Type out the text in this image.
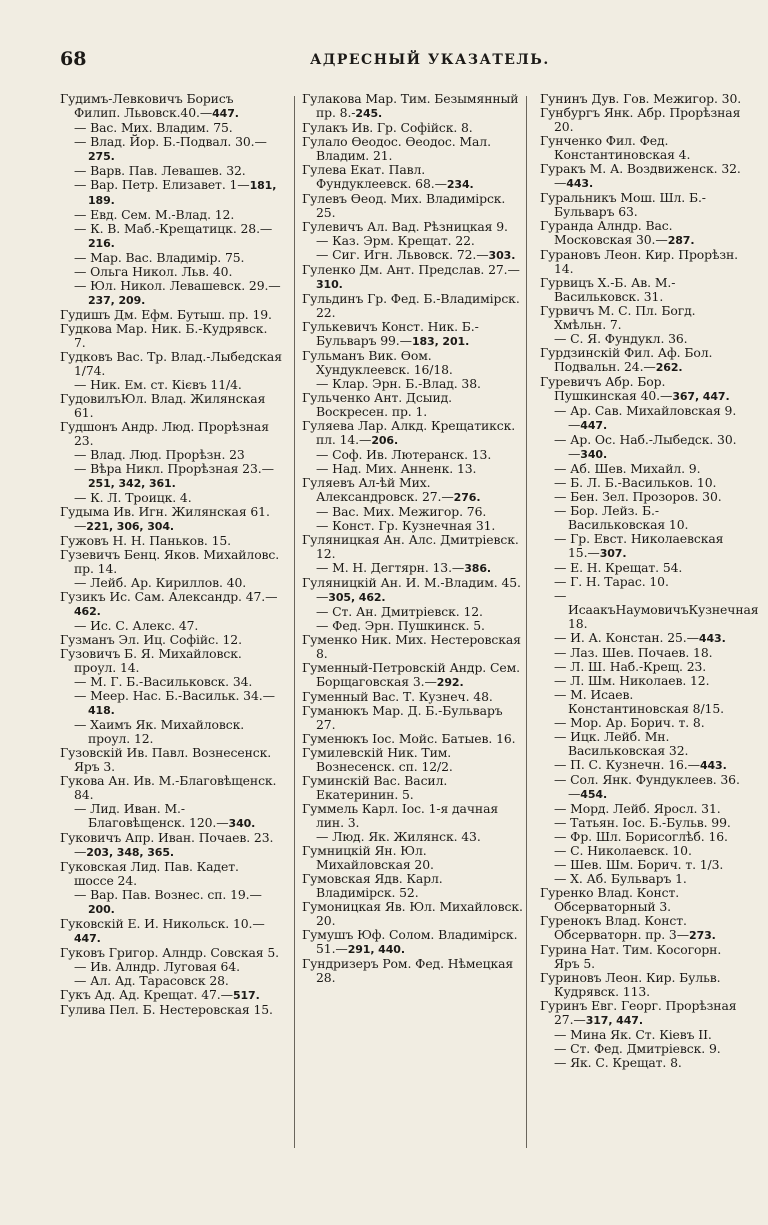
68	АДРЕСНЫЙ УКАЗАТЕЛЬ.
Гудимъ-Левковичъ Борисъ Филип. Львовск.40.—447.
— Вас. Мих. Владим. 75.
— Влад. Йор. Б.-Подвал. 30.—275.
— Варв. Пав. Левашев. 32.
— Вар. Петр. Елизавет. 1—181, 189.
— Евд. Сем. М.-Влад. 12.
— К. В. Маб.-Крещатицк. 28.—216.
— Мар. Вас. Владимір. 75.
— Ольга Никол. Льв. 40.
— Юл. Никол. Левашевск. 29.—237, 209.
Гудишъ Дм. Ефм. Бутыш. пр. 19.
Гудкова Мар. Ник. Б.-Кудрявск. 7.
Гудковъ Вас. Тр. Влад.-Лыбедская 1/74.
— Ник. Ем. ст. Кієвъ 11/4.
ГудовилъЮл. Влад. Жилянская 61.
Гудшонъ Андр. Люд. Прорѣзная 23.
— Влад. Люд. Прорѣзн. 23
— Вѣра Никл. Прорѣзная 23.—251, 342, 361.
— К. Л. Троицк. 4.
Гудыма Ив. Игн. Жилянская 61.—221, 306, 304.
Гужовъ Н. Н. Паньков. 15.
Гузевичъ Бенц. Яков. Михайловс. пр. 14.
— Лейб. Ар. Кириллов. 40.
Гузикъ Ис. Сам. Александр. 47.—462.
— Ис. С. Алекс. 47.
Гузманъ Эл. Иц. Софійс. 12.
Гузовичъ Б. Я. Михайловск. проул. 14.
— М. Г. Б.-Васильковск. 34.
— Меер. Нас. Б.-Васильк. 34.—418.
— Хаимъ Як. Михайловск. проул. 12.
Гузовскій Ив. Павл. Вознесенск. Яръ 3.
Гукова Ан. Ив. М.-Благовѣщенск. 84.
— Лид. Иван. М.-Благовѣщенск. 120.—340.
Гуковичъ Апр. Иван. Почаев. 23.—203, 348, 365.
Гуковская Лид. Пав. Кадет. шоссе 24.
— Вар. Пав. Вознес. сп. 19.—200.
Гуковскій Е. И. Никольск. 10.—447.
Гуковъ Григор. Алндр. Совская 5.
— Ив. Алндр. Луговая 64.
— Ал. Ад. Тарасовск 28.
Гукъ Ад. Ад. Крещат. 47.—517.
Гулива Пел. Б. Нестеровская 15.
Гулакова Мар. Тим. Безымянный пр. 8.-245.
Гулакъ Ив. Гр. Софійск. 8.
Гулало Ѳеодос. Ѳеодос. Мал. Владим. 21.
Гулева Екат. Павл. Фундуклеевск. 68.—234.
Гулевъ Ѳеод. Мих. Владимірск. 25.
Гулевичъ Ал. Вад. Рѣзницкая 9.
— Каз. Эрм. Крещат. 22.
— Сиг. Игн. Львовск. 72.—303.
Гуленко Дм. Ант. Предслав. 27.—310.
Гульдинъ Гр. Фед. Б.-Владимірск. 22.
Гулькевичъ Конст. Ник. Б.-Бульваръ 99.—183, 201.
Гульманъ Вик. Ѳом. Хундуклеевск. 16/18.
— Клар. Эрн. Б.-Влад. 38.
Гульченко Ант. Дсыид. Воскресен. пр. 1.
Гуляева Лар. Алкд. Крещатикск. пл. 14.—206.
— Соф. Ив. Лютеранск. 13.
— Над. Мих. Анненк. 13.
Гуляевъ Ал-ѣй Мих. Александровск. 27.—276.
— Вас. Мих. Межигор. 76.
— Конст. Гр. Кузнечная 31.
Гуляницкая Ан. Алс. Дмитріевск. 12.
— М. Н. Дегтярн. 13.—386.
Гуляницкій Ан. И. М.-Владим. 45.—305, 462.
— Ст. Ан. Дмитріевск. 12.
— Фед. Эрн. Пушкинск. 5.
Гуменко Ник. Мих. Нестеровская 8.
Гуменный-Петровскій Андр. Сем. Борщаговская 3.—292.
Гуменный Вас. Т. Кузнеч. 48.
Гуманюкъ Мар. Д. Б.-Бульваръ 27.
Гуменюкъ Іос. Мойс. Батыев. 16.
Гумилевскій Ник. Тим. Вознесенск. сп. 12/2.
Гуминскій Вас. Васил. Екатеринин. 5.
Гуммель Карл. Іос. 1-я дачная лин. 3.
— Люд. Як. Жилянск. 43.
Гумницкій Ян. Юл. Михайловская 20.
Гумовская Ядв. Карл. Владимірск. 52.
Гумоницкая Яв. Юл. Михайловск. 20.
Гумушъ Юф. Солом. Владимірск. 51.—291, 440.
Гундризеръ Ром. Фед. Нѣмецкая 28.
Гунинъ Дув. Гов. Межигор. 30.
Гунбургъ Янк. Абр. Прорѣзная 20.
Гунченко Фил. Фед. Константиновская 4.
Гуракъ М. А. Воздвиженск. 32.—443.
Гуральникъ Мош. Шл. Б.-Бульваръ 63.
Гуранда Алндр. Вас. Московская 30.—287.
Гурановъ Леон. Кир. Прорѣзн. 14.
Гурвицъ Х.-Б. Ав. М.-Васильковск. 31.
Гурвичъ М. С. Пл. Богд. Хмѣльн. 7.
— С. Я. Фундукл. 36.
Гурдзинскій Фил. Аф. Бол. Подвальн. 24.—262.
Гуревичъ Абр. Бор. Пушкинская 40.—367, 447.
— Ар. Сав. Михайловская 9.—447.
— Ар. Ос. Наб.-Лыбедск. 30.—340.
— Аб. Шев. Михайл. 9.
— Б. Л. Б.-Васильков. 10.
— Бен. Зел. Прозоров. 30.
— Бор. Лейз. Б.-Васильковская 10.
— Гр. Евст. Николаевская 15.—307.
— Е. Н. Крещат. 54.
— Г. Н. Тарас. 10.
— ИсаакъНаумовичъКузнечная 18.
— И. А. Констан. 25.—443.
— Лаз. Шев. Почаев. 18.
— Л. Ш. Наб.-Крещ. 23.
— Л. Шм. Николаев. 12.
— М. Исаев. Константиновская 8/15.
— Мор. Ар. Борич. т. 8.
— Ицк. Лейб. Мн. Васильковская 32.
— П. С. Кузнечн. 16.—443.
— Сол. Янк. Фундуклеев. 36.—454.
— Морд. Лейб. Яросл. 31.
— Татьян. Іос. Б.-Бульв. 99.
— Фр. Шл. Борисоглѣб. 16.
— С. Николаевск. 10.
— Шев. Шм. Борич. т. 1/3.
— Х. Аб. Бульваръ 1.
Гуренко Влад. Конст. Обсерваторный 3.
Гуренокъ Влад. Конст. Обсерваторн. пр. 3—273.
Гурина Нат. Тим. Косогорн. Яръ 5.
Гуриновъ Леон. Кир. Бульв. Кудрявск. 113.
Гуринъ Евг. Георг. Прорѣзная 27.—317, 447.
— Мина Як. Ст. Кіевъ II.
— Ст. Фед. Дмитріевск. 9.
— Як. С. Крещат. 8.
